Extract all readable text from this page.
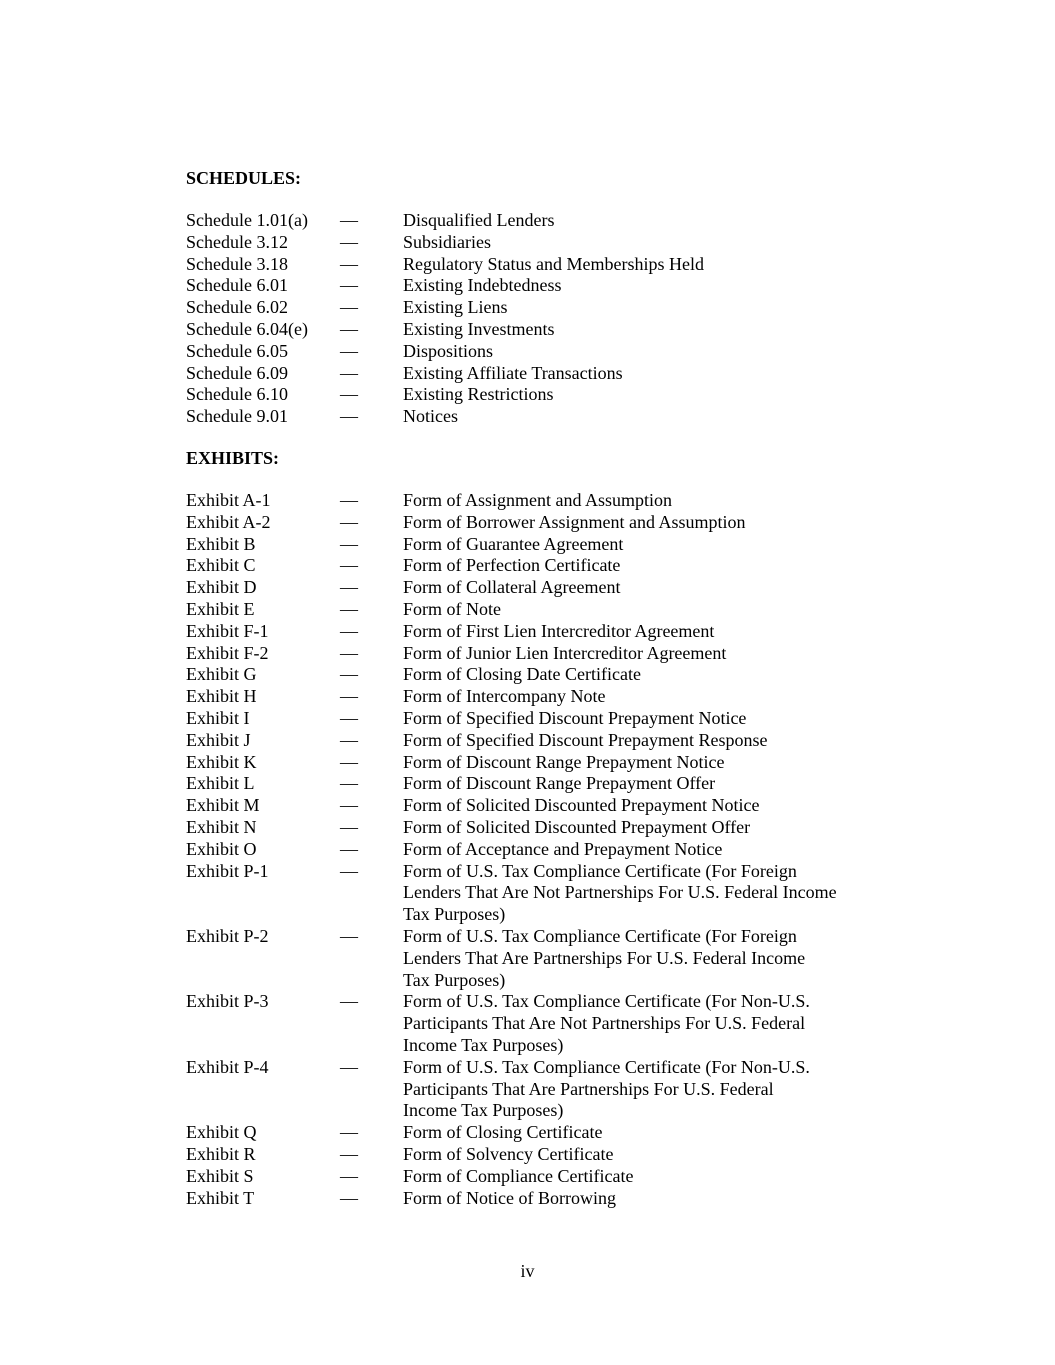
SCHEDULES:
Schedule 1.01(a) —	Disqualified Lenders
Schedule 3.12	—	Subsidiaries
Schedule 3.18	—	Regulatory Status and Memberships Held
Schedule 6.01	—	Existing Indebtedness
Schedule 6.02	—	Existing Liens
Schedule 6.04(e) —	Existing Investments
Schedule 6.05	—	Dispositions
Schedule 6.09	—	Existing Affiliate Transactions
Schedule 6.10	—	Existing Restrictions
Schedule 9.01	—	Notices
EXHIBITS:
Exhibit A-1	—	Form of Assignment and Assumption
Exhibit A-2	—	Form of Borrower Assignment and Assumption
Exhibit B	—	Form of Guarantee Agreement
Exhibit C	—	Form of Perfection Certificate
Exhibit D	—	Form of Collateral Agreement
Exhibit E	—	Form of Note
Exhibit F-1	—	Form of First Lien Intercreditor Agreement
Exhibit F-2	—	Form of Junior Lien Intercreditor Agreement
Exhibit G	—	Form of Closing Date Certificate
Exhibit H	—	Form of Intercompany Note
Exhibit I	—	Form of Specified Discount Prepayment Notice
Exhibit J	—	Form of Specified Discount Prepayment Response
Exhibit K	—	Form of Discount Range Prepayment Notice
Exhibit L	—	Form of Discount Range Prepayment Offer
Exhibit M	—	Form of Solicited Discounted Prepayment Notice
Exhibit N	—	Form of Solicited Discounted Prepayment Offer
Exhibit O	—	Form of Acceptance and Prepayment Notice
Exhibit P-1	—	Form of U.S. Tax Compliance Certificate (For Foreign
Lenders That Are Not Partnerships For U.S. Federal Income
Tax Purposes)
Exhibit P-2	—	Form of U.S. Tax Compliance Certificate (For Foreign
Lenders That Are Partnerships For U.S. Federal Income
Tax Purposes)
Exhibit P-3	—	Form of U.S. Tax Compliance Certificate (For Non-U.S.
Participants That Are Not Partnerships For U.S. Federal
Income Tax Purposes)
Exhibit P-4	—	Form of U.S. Tax Compliance Certificate (For Non-U.S.
Participants That Are Partnerships For U.S. Federal
Income Tax Purposes)
Exhibit Q	—	Form of Closing Certificate
Exhibit R	—	Form of Solvency Certificate
Exhibit S	—	Form of Compliance Certificate
Exhibit T	—	Form of Notice of Borrowing
iv
